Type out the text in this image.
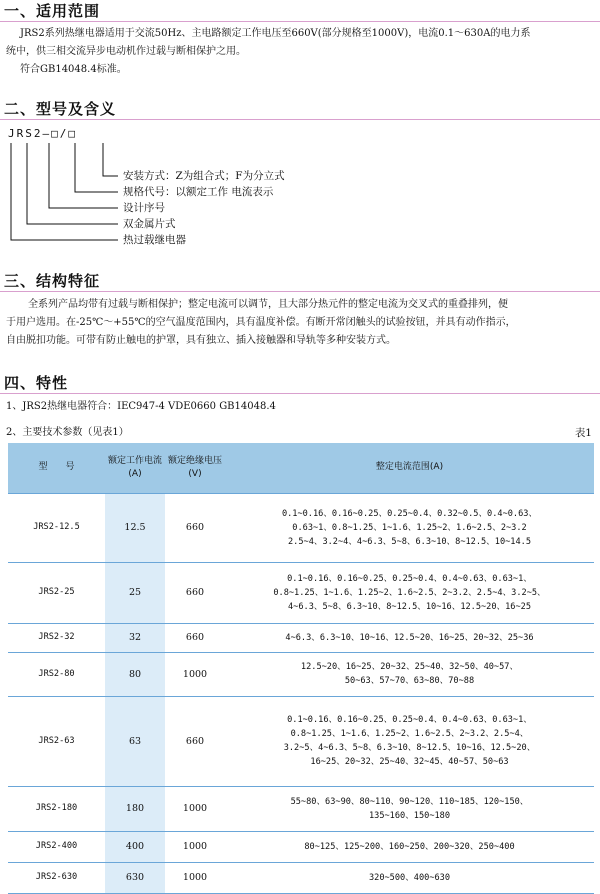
一、适用范围
JRS2系列热继电器适用于交流50Hz、主电路额定工作电压至660V(部分规格至1000V)，电流0.1～630A的电力系
统中，供三相交流异步电动机作过载与断相保护之用。
符合GB14048.4标准。
二、型号及含义
JRS2—□/□
安装方式：Z为组合式；F为分立式
规格代号：以额定工作 电流表示
设计序号
双金属片式
热过载继电器
三、结构特征
全系列产品均带有过载与断相保护；整定电流可以调节，且大部分热元件的整定电流为交叉式的重叠排列，便
于用户选用。在-25℃～+55℃的空气温度范围内，具有温度补偿。有断开常闭触头的试验按钮，并具有动作指示，
自由脱扣功能。可带有防止触电的护罩，具有独立、插入接触器和导轨等多种安装方式。
四、特性
1、JRS2热继电器符合：IEC947-4 VDE0660 GB14048.4
2、主要技术参数（见表1）	表1
型　　号	额定工作电流(A)	额定绝缘电压(V)	整定电流范围(A)
JRS2-12.5	12.5	660	0.1~0.16、0.16~0.25、0.25~0.4、0.32~0.5、0.4~0.63、
0.63~1、0.8~1.25、1~1.6、1.25~2、1.6~2.5、2~3.2
2.5~4、3.2~4、4~6.3、5~8、6.3~10、8~12.5、10~14.5

JRS2-25	25	660	0.1~0.16、0.16~0.25、0.25~0.4、0.4~0.63、0.63~1、
0.8~1.25、1~1.6、1.25~2、1.6~2.5、2~3.2、2.5~4、3.2~5、
4~6.3、5~8、6.3~10、8~12.5、10~16、12.5~20、16~25

JRS2-32	32	660	4~6.3、6.3~10、10~16、12.5~20、16~25、20~32、25~36

JRS2-80	80	1000	12.5~20、16~25、20~32、25~40、32~50、40~57、
50~63、57~70、63~80、70~88

JRS2-63	63	660	0.1~0.16、0.16~0.25、0.25~0.4、0.4~0.63、0.63~1、
0.8~1.25、1~1.6、1.25~2、1.6~2.5、2~3.2、2.5~4、
3.2~5、4~6.3、5~8、6.3~10、8~12.5、10~16、12.5~20、
16~25、20~32、25~40、32~45、40~57、50~63

JRS2-180	180	1000	55~80、63~90、80~110、90~120、110~185、120~150、
135~160、150~180

JRS2-400	400	1000	80~125、125~200、160~250、200~320、250~400

JRS2-630	630	1000	320~500、400~630
